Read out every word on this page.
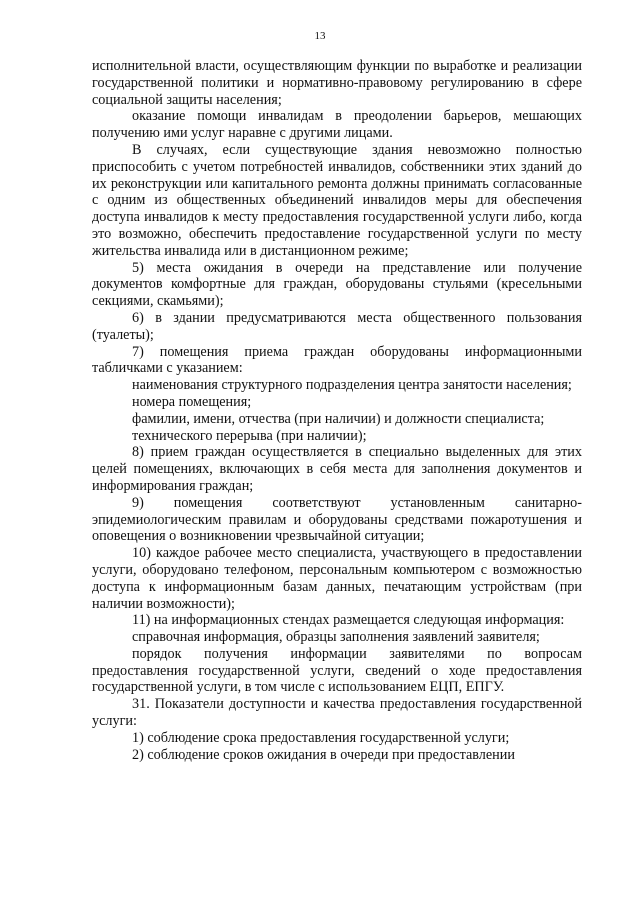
13

исполнительной власти, осуществляющим функции по выработке и реализации государственной политики и нормативно-правовому регулированию в сфере социальной защиты населения;

оказание помощи инвалидам в преодолении барьеров, мешающих получению ими услуг наравне с другими лицами.

В случаях, если существующие здания невозможно полностью приспособить с учетом потребностей инвалидов, собственники этих зданий до их реконструкции или капитального ремонта должны принимать согласованные с одним из общественных объединений инвалидов меры для обеспечения доступа инвалидов к месту предоставления государственной услуги либо, когда это возможно, обеспечить предоставление государственной услуги по месту жительства инвалида или в дистанционном режиме;

5) места ожидания в очереди на представление или получение документов комфортные для граждан, оборудованы стульями (кресельными секциями, скамьями);

6) в здании предусматриваются места общественного пользования (туалеты);

7) помещения приема граждан оборудованы информационными табличками с указанием:

наименования структурного подразделения центра занятости населения;

номера помещения;

фамилии, имени, отчества (при наличии) и должности специалиста;

технического перерыва (при наличии);

8) прием граждан осуществляется в специально выделенных для этих целей помещениях, включающих в себя места для заполнения документов и информирования граждан;

9) помещения соответствуют установленным санитарно-эпидемиологическим правилам и оборудованы средствами пожаротушения и оповещения о возникновении чрезвычайной ситуации;

10) каждое рабочее место специалиста, участвующего в предоставлении услуги, оборудовано телефоном, персональным компьютером с возможностью доступа к информационным базам данных, печатающим устройствам (при наличии возможности);

11) на информационных стендах размещается следующая информация:

справочная информация, образцы заполнения заявлений заявителя;

порядок получения информации заявителями по вопросам предоставления государственной услуги, сведений о ходе предоставления государственной услуги, в том числе с использованием ЕЦП, ЕПГУ.

31. Показатели доступности и качества предоставления государственной услуги:

1) соблюдение срока предоставления государственной услуги;

2) соблюдение сроков ожидания в очереди при предоставлении
